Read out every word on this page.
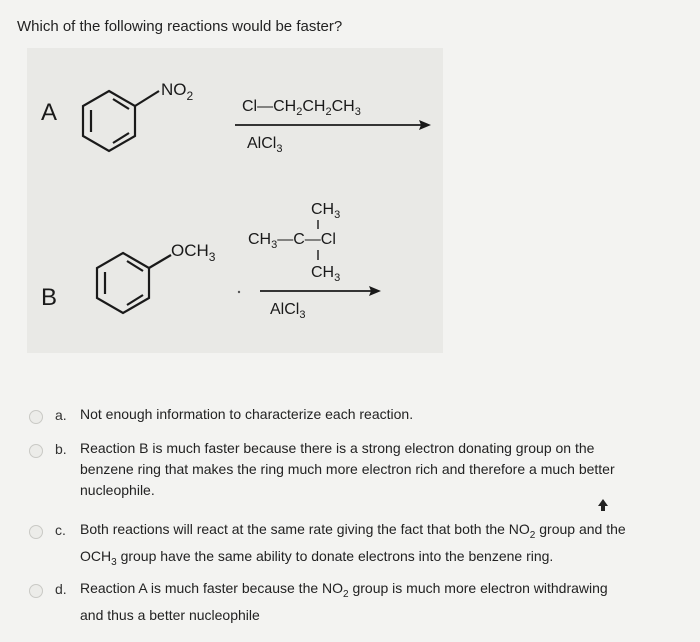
Which of the following reactions would be faster?
A
$NO_2$
$Cl—CH_2CH_2CH_3$
AlCl$_3$
B
$OCH_3$
$CH_3$
$CH_3—C—Cl$
$CH_3$
AlCl$_3$
a. Not enough information to characterize each reaction.
b. Reaction B is much faster because there is a strong electron donating group on the
benzene ring that makes the ring much more electron rich and therefore a much better
nucleophile.
c. Both reactions will react at the same rate giving the fact that both the $NO_2$ group and the
$OCH_3$ group have the same ability to donate electrons into the benzene ring.
d. Reaction A is much faster because the $NO_2$ group is much more electron withdrawing
and thus a better nucleophile
